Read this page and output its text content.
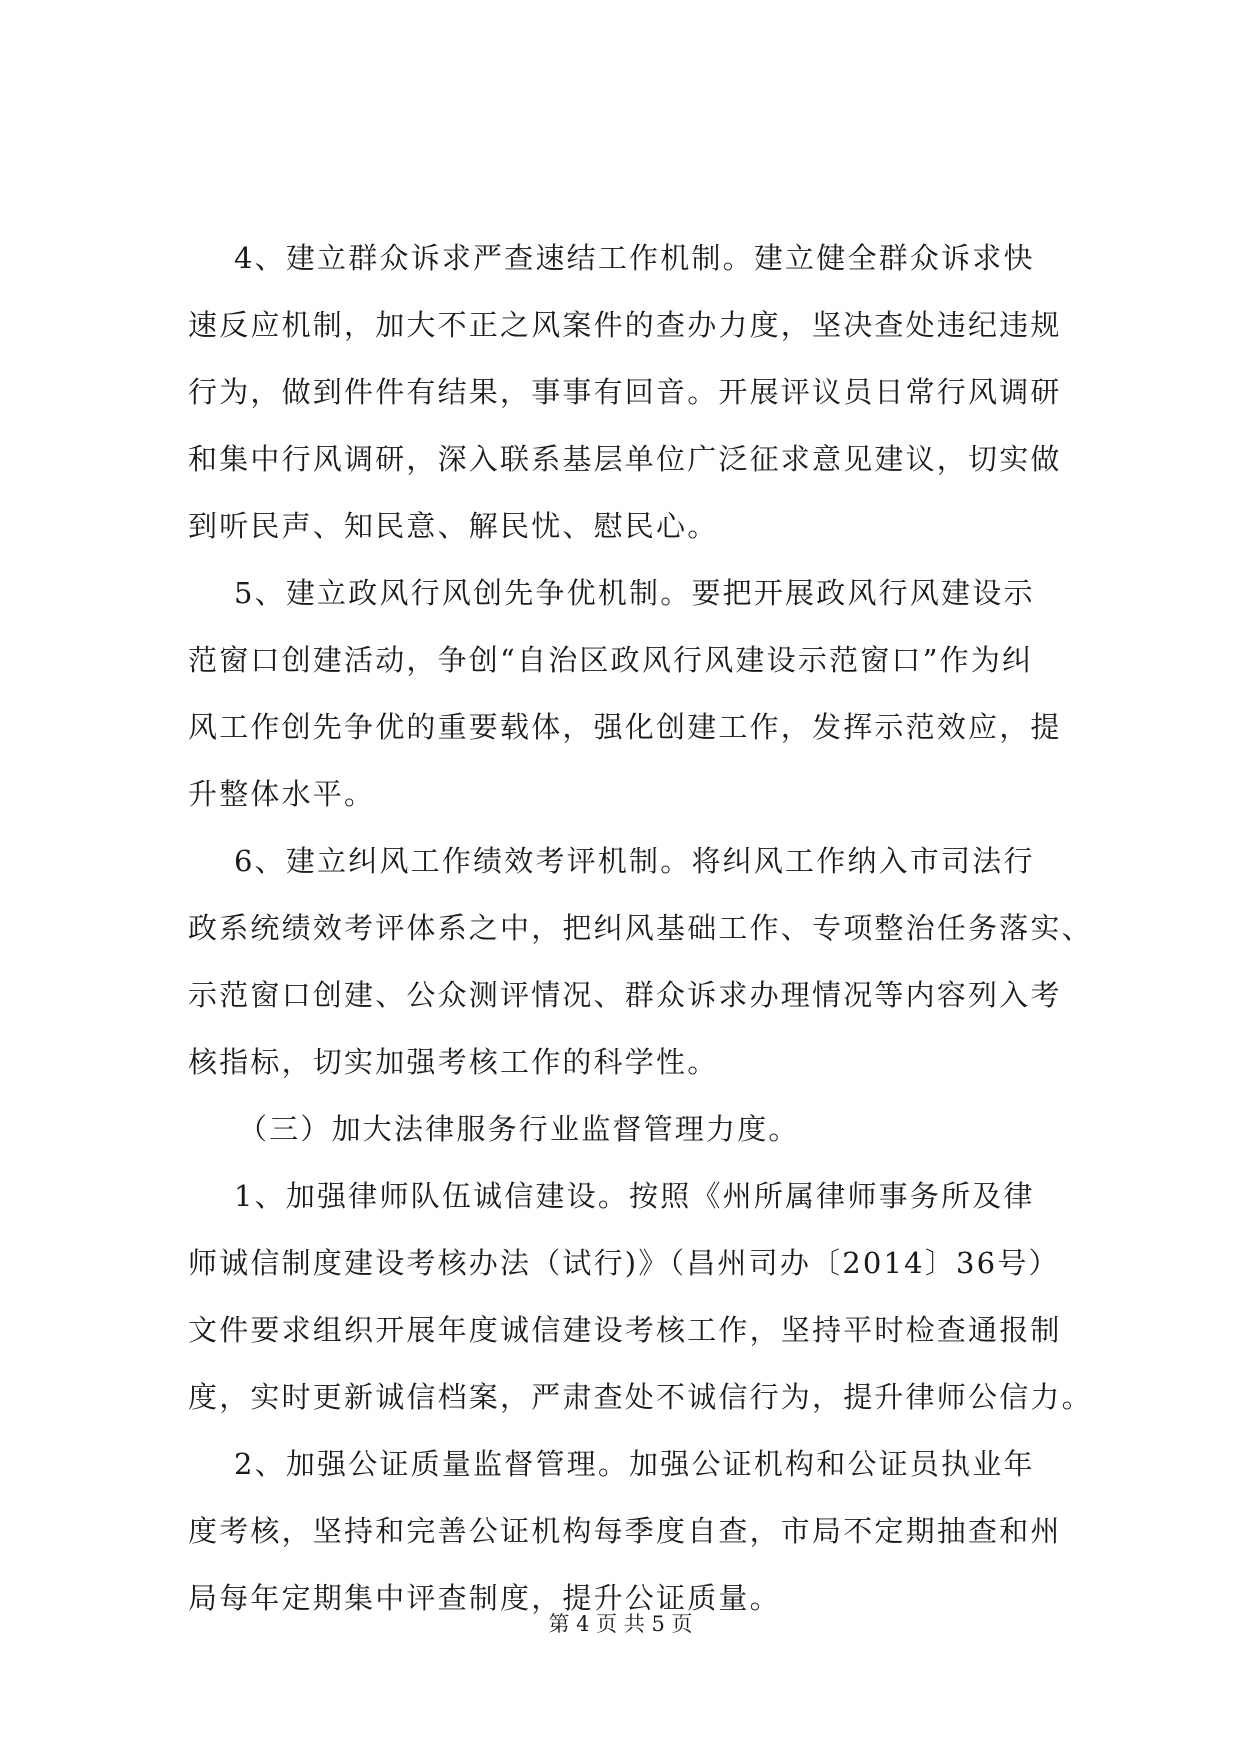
4、建立群众诉求严查速结工作机制。建立健全群众诉求快
速反应机制，加大不正之风案件的查办力度，坚决查处违纪违规
行为，做到件件有结果，事事有回音。开展评议员日常行风调研
和集中行风调研，深入联系基层单位广泛征求意见建议，切实做
到听民声、知民意、解民忧、慰民心。
5、建立政风行风创先争优机制。要把开展政风行风建设示
范窗口创建活动，争创“自治区政风行风建设示范窗口”作为纠
风工作创先争优的重要载体，强化创建工作，发挥示范效应，提
升整体水平。
6、建立纠风工作绩效考评机制。将纠风工作纳入市司法行
政系统绩效考评体系之中，把纠风基础工作、专项整治任务落实、
示范窗口创建、公众测评情况、群众诉求办理情况等内容列入考
核指标，切实加强考核工作的科学性。
（三）加大法律服务行业监督管理力度。
1、加强律师队伍诚信建设。按照《州所属律师事务所及律
师诚信制度建设考核办法（试行)》（昌州司办〔2014〕36号）
文件要求组织开展年度诚信建设考核工作，坚持平时检查通报制
度，实时更新诚信档案，严肃查处不诚信行为，提升律师公信力。
2、加强公证质量监督管理。加强公证机构和公证员执业年
度考核，坚持和完善公证机构每季度自查，市局不定期抽查和州
局每年定期集中评查制度，提升公证质量。
第 4 页 共 5 页
